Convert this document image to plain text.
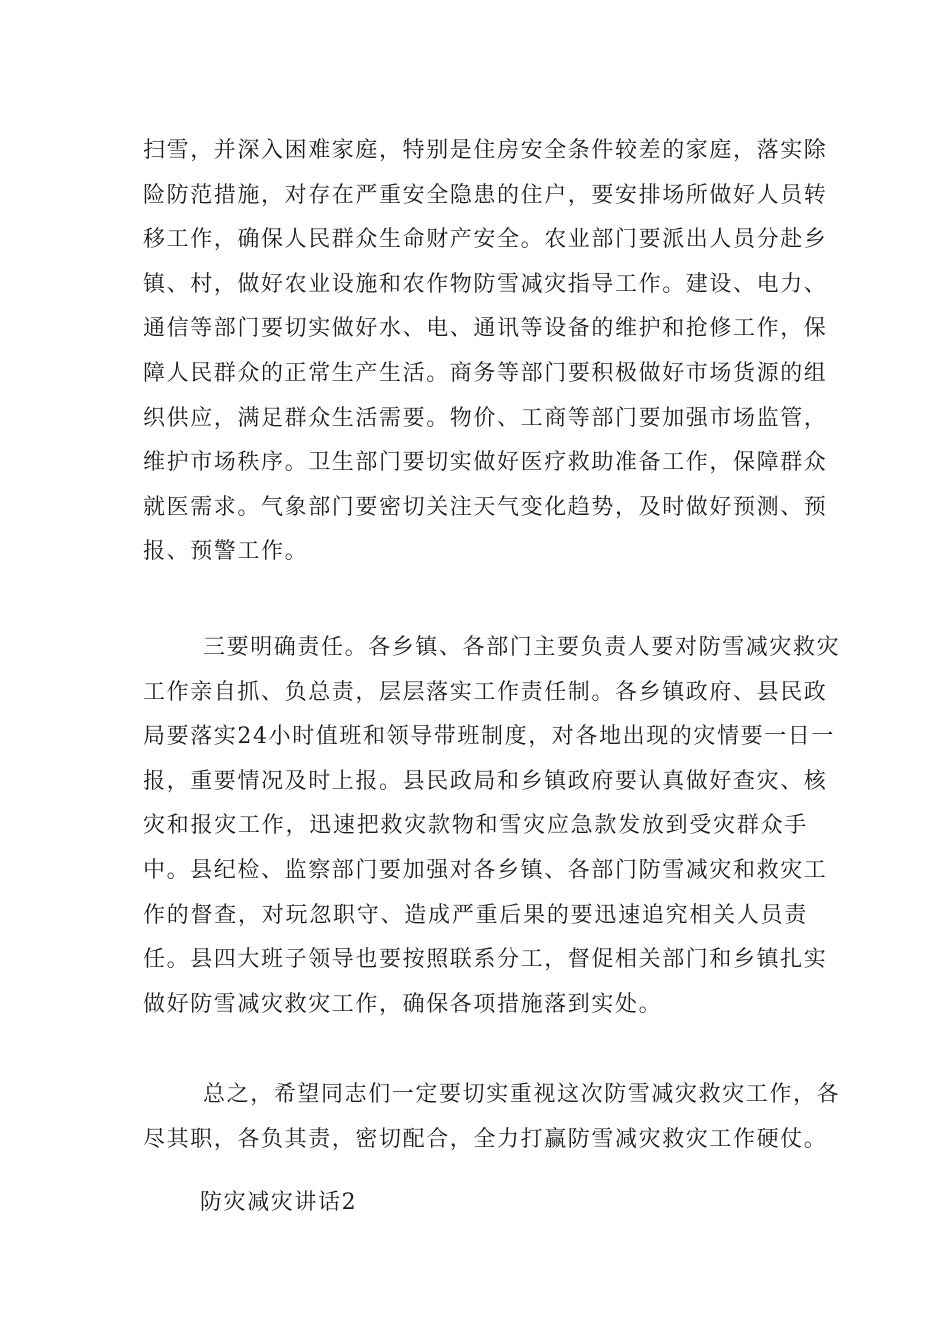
扫雪，并深入困难家庭，特别是住房安全条件较差的家庭，落实除
险防范措施，对存在严重安全隐患的住户，要安排场所做好人员转
移工作，确保人民群众生命财产安全。农业部门要派出人员分赴乡
镇、村，做好农业设施和农作物防雪减灾指导工作。建设、电力、
通信等部门要切实做好水、电、通讯等设备的维护和抢修工作，保
障人民群众的正常生产生活。商务等部门要积极做好市场货源的组
织供应，满足群众生活需要。物价、工商等部门要加强市场监管，
维护市场秩序。卫生部门要切实做好医疗救助准备工作，保障群众
就医需求。气象部门要密切关注天气变化趋势，及时做好预测、预
报、预警工作。
三要明确责任。各乡镇、各部门主要负责人要对防雪减灾救灾
工作亲自抓、负总责，层层落实工作责任制。各乡镇政府、县民政
局要落实24小时值班和领导带班制度，对各地出现的灾情要一日一
报，重要情况及时上报。县民政局和乡镇政府要认真做好查灾、核
灾和报灾工作，迅速把救灾款物和雪灾应急款发放到受灾群众手
中。县纪检、监察部门要加强对各乡镇、各部门防雪减灾和救灾工
作的督查，对玩忽职守、造成严重后果的要迅速追究相关人员责
任。县四大班子领导也要按照联系分工，督促相关部门和乡镇扎实
做好防雪减灾救灾工作，确保各项措施落到实处。
总之，希望同志们一定要切实重视这次防雪减灾救灾工作，各
尽其职，各负其责，密切配合，全力打赢防雪减灾救灾工作硬仗。
防灾减灾讲话2
